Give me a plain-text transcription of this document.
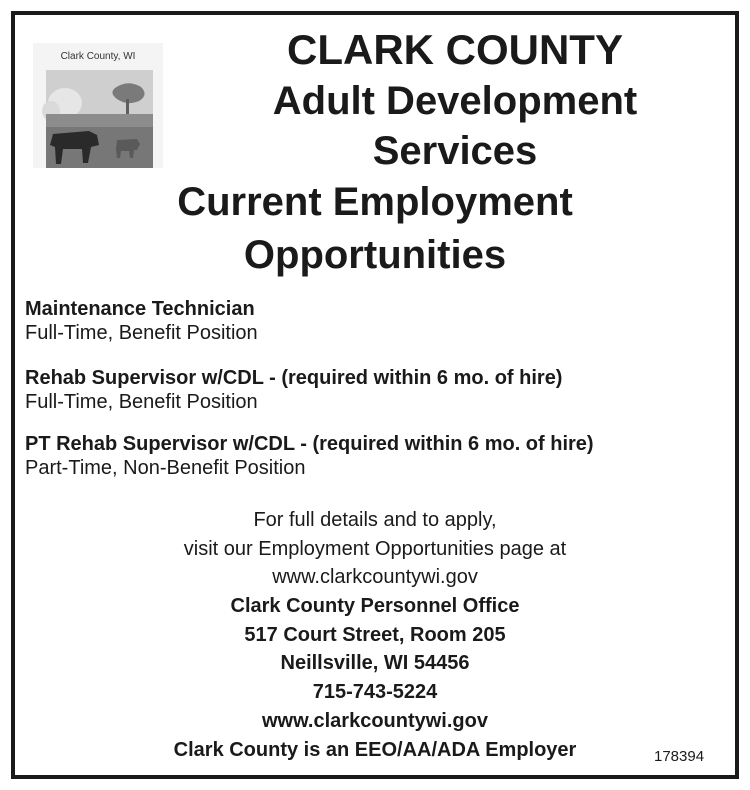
Clark County, WI	CLARK COUNTY
Adult Development
Services
Current Employment
Opportunities
Maintenance Technician
Full-Time, Benefit Position
Rehab Supervisor w/CDL - (required within 6 mo. of hire)
Full-Time, Benefit Position
PT Rehab Supervisor w/CDL - (required within 6 mo. of hire)
Part-Time, Non-Benefit Position
For full details and to apply,
visit our Employment Opportunities page at
www.clarkcountywi.gov
Clark County Personnel Office
517 Court Street, Room 205
Neillsville, WI 54456
715-743-5224
www.clarkcountywi.gov
Clark County is an EEO/AA/ADA Employer	178394
